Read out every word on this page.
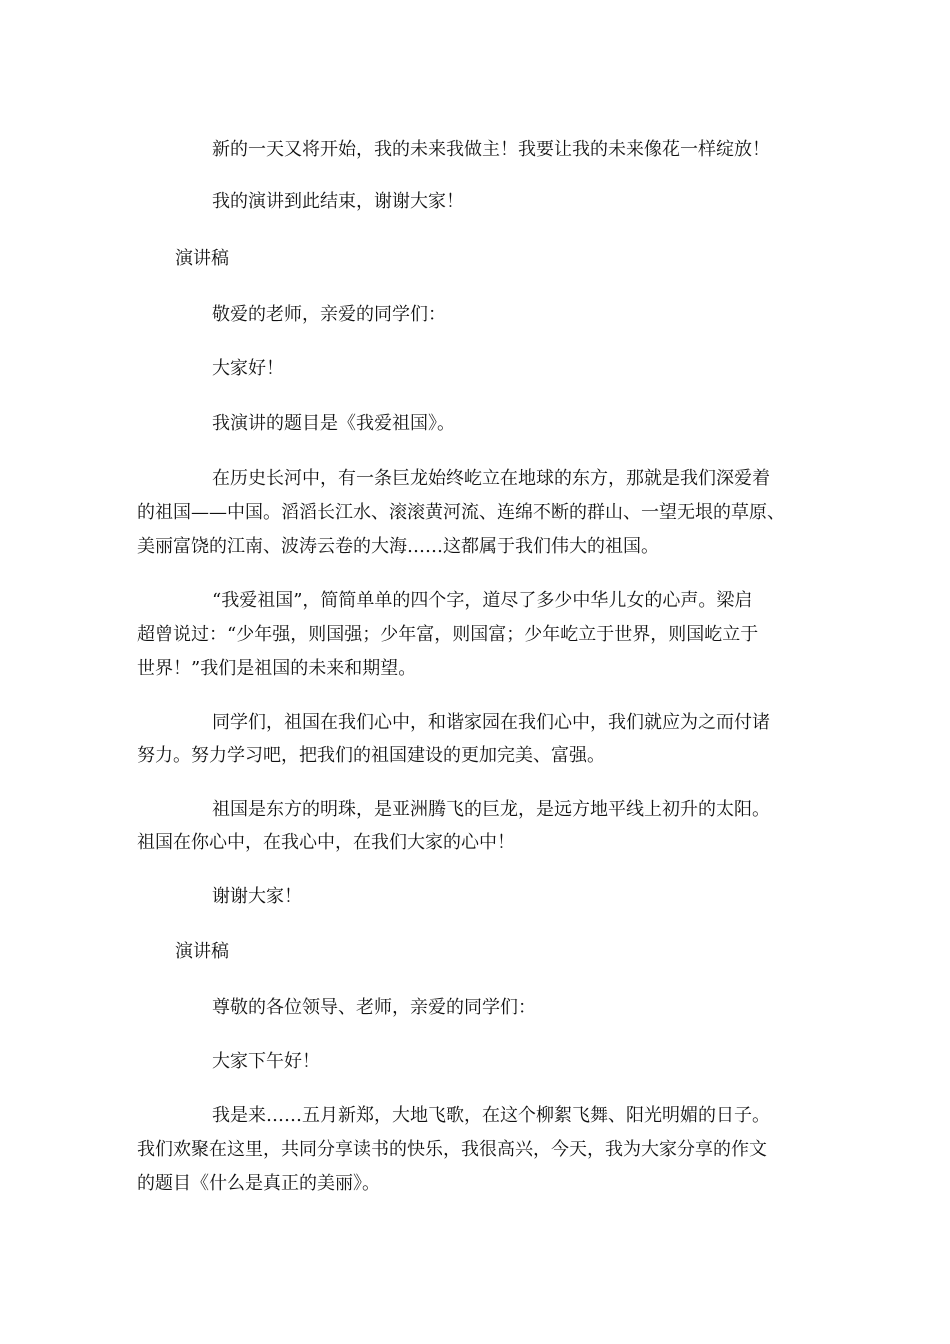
新的一天又将开始，我的未来我做主！我要让我的未来像花一样绽放！

我的演讲到此结束，谢谢大家！

演讲稿

敬爱的老师，亲爱的同学们：

大家好！

我演讲的题目是《我爱祖国》。

在历史长河中，有一条巨龙始终屹立在地球的东方，那就是我们深爱着

的祖国——中国。滔滔长江水、滚滚黄河流、连绵不断的群山、一望无垠的草原、

美丽富饶的江南、波涛云卷的大海……这都属于我们伟大的祖国。

“我爱祖国”，简简单单的四个字，道尽了多少中华儿女的心声。梁启

超曾说过：“少年强，则国强；少年富，则国富；少年屹立于世界，则国屹立于

世界！”我们是祖国的未来和期望。

同学们，祖国在我们心中，和谐家园在我们心中，我们就应为之而付诸

努力。努力学习吧，把我们的祖国建设的更加完美、富强。

祖国是东方的明珠，是亚洲腾飞的巨龙，是远方地平线上初升的太阳。

祖国在你心中，在我心中，在我们大家的心中！

谢谢大家！

演讲稿

尊敬的各位领导、老师，亲爱的同学们：

大家下午好！

我是来……五月新郑，大地飞歌，在这个柳絮飞舞、阳光明媚的日子。

我们欢聚在这里，共同分享读书的快乐，我很高兴，今天，我为大家分享的作文

的题目《什么是真正的美丽》。
